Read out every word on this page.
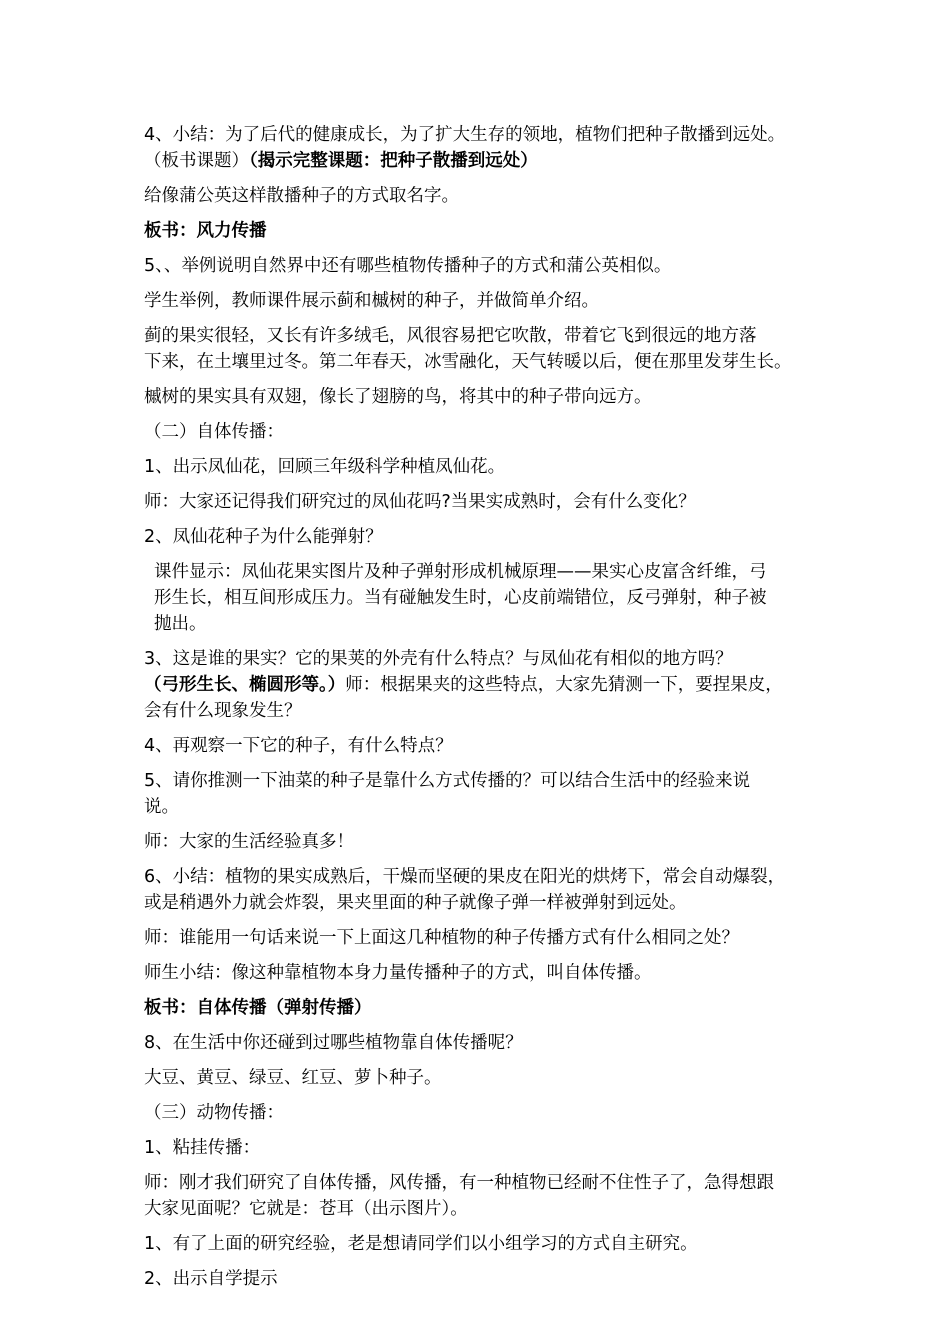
4、小结：为了后代的健康成长，为了扩大生存的领地，植物们把种子散播到远处。

（板书课题）（揭示完整课题：把种子散播到远处）

给像蒲公英这样散播种子的方式取名字。

板书：风力传播

5、、举例说明自然界中还有哪些植物传播种子的方式和蒲公英相似。

学生举例，教师课件展示蓟和槭树的种子，并做简单介绍。

蓟的果实很轻，又长有许多绒毛，风很容易把它吹散，带着它飞到很远的地方落

下来，在土壤里过冬。第二年春天，冰雪融化，天气转暖以后，便在那里发芽生长。

槭树的果实具有双翅，像长了翅膀的鸟，将其中的种子带向远方。

（二）自体传播：

1、出示凤仙花，回顾三年级科学种植凤仙花。

师：大家还记得我们研究过的凤仙花吗?当果实成熟时，会有什么变化？

2、凤仙花种子为什么能弹射？

课件显示：凤仙花果实图片及种子弹射形成机械原理——果实心皮富含纤维，弓

形生长，相互间形成压力。当有碰触发生时，心皮前端错位，反弓弹射，种子被

抛出。

3、这是谁的果实？它的果荚的外壳有什么特点？与凤仙花有相似的地方吗？

（弓形生长、椭圆形等。）师：根据果夹的这些特点，大家先猜测一下，要捏果皮，

会有什么现象发生？

4、再观察一下它的种子，有什么特点？

5、请你推测一下油菜的种子是靠什么方式传播的？可以结合生活中的经验来说

说。

师：大家的生活经验真多！

6、小结：植物的果实成熟后，干燥而坚硬的果皮在阳光的烘烤下，常会自动爆裂，

或是稍遇外力就会炸裂，果夹里面的种子就像子弹一样被弹射到远处。

师：谁能用一句话来说一下上面这几种植物的种子传播方式有什么相同之处？

师生小结：像这种靠植物本身力量传播种子的方式，叫自体传播。

板书：自体传播（弹射传播）

8、在生活中你还碰到过哪些植物靠自体传播呢？

大豆、黄豆、绿豆、红豆、萝卜种子。

（三）动物传播：

1、粘挂传播：

师：刚才我们研究了自体传播，风传播，有一种植物已经耐不住性子了，急得想跟

大家见面呢？它就是：苍耳（出示图片）。

1、有了上面的研究经验，老是想请同学们以小组学习的方式自主研究。

2、出示自学提示
